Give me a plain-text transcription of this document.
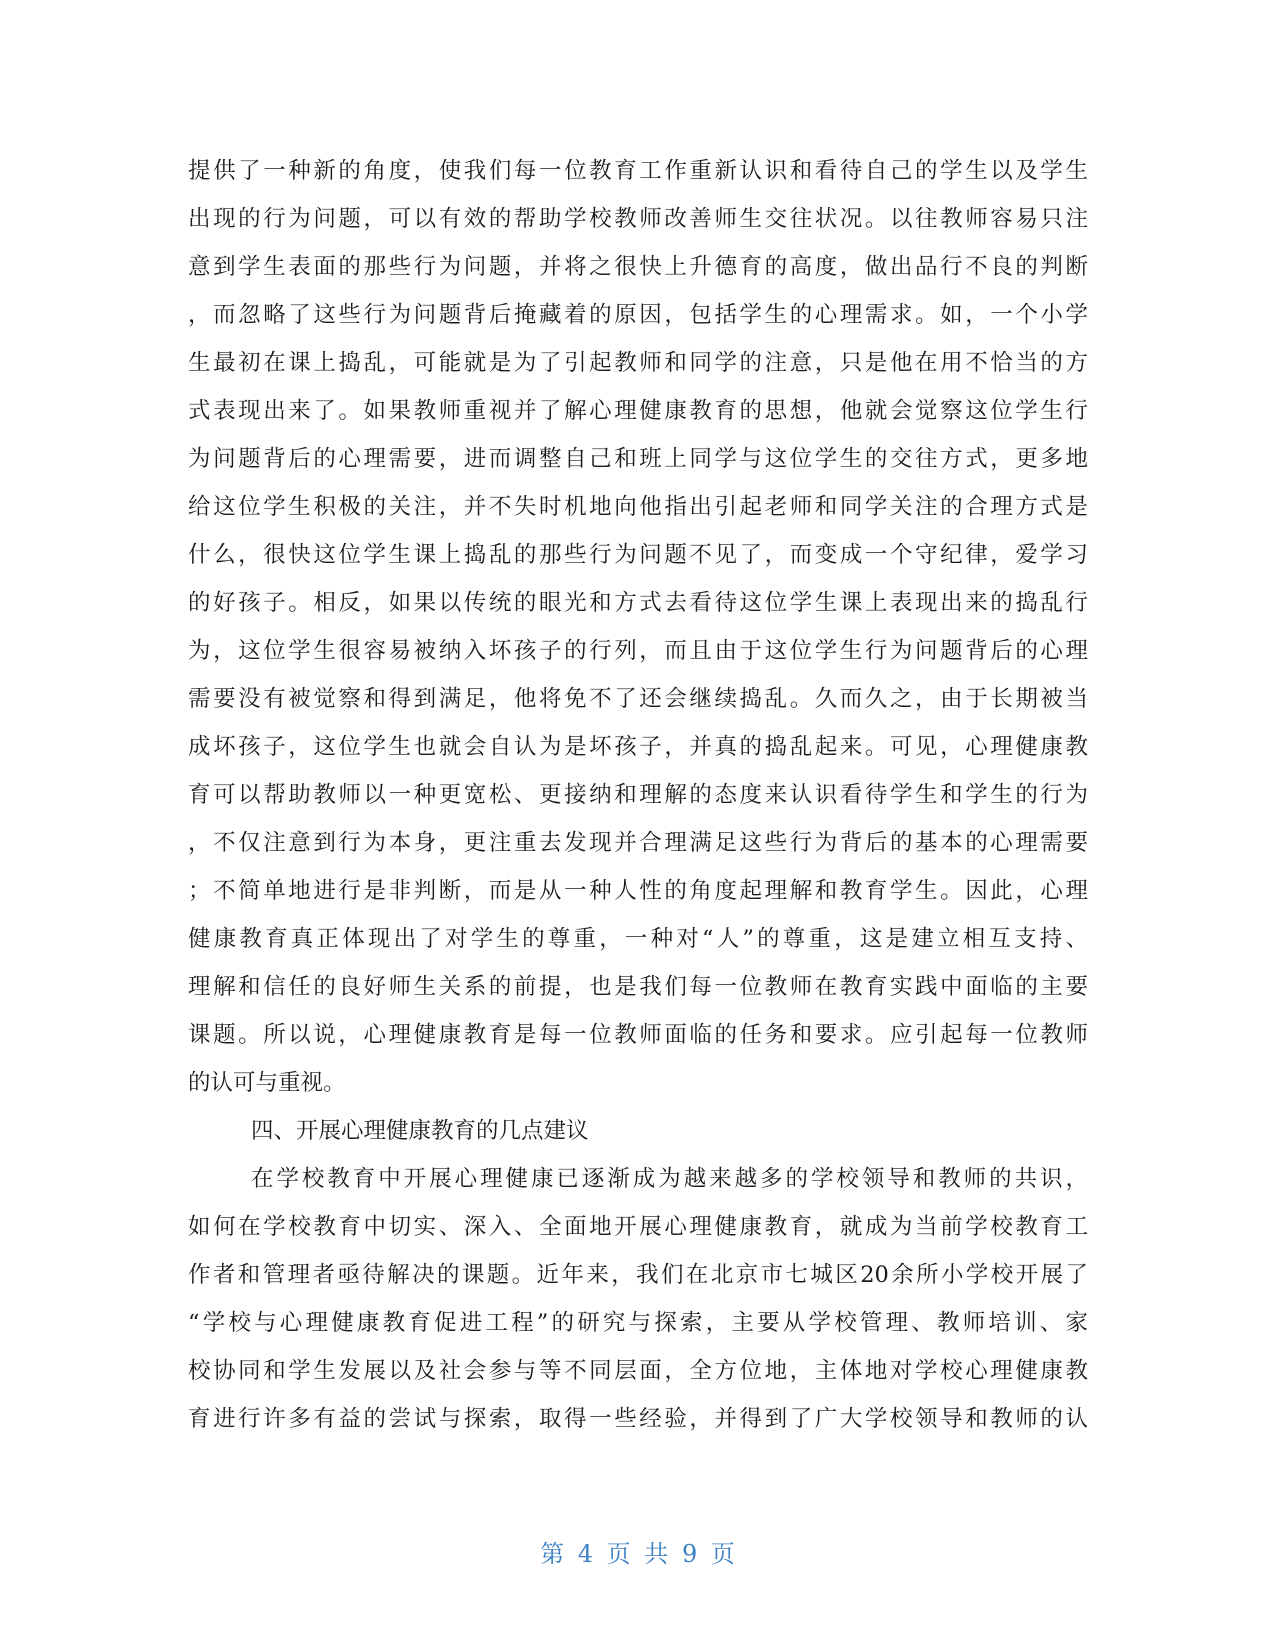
提供了一种新的角度，使我们每一位教育工作重新认识和看待自己的学生以及学生
出现的行为问题，可以有效的帮助学校教师改善师生交往状况。以往教师容易只注
意到学生表面的那些行为问题，并将之很快上升德育的高度，做出品行不良的判断
，而忽略了这些行为问题背后掩藏着的原因，包括学生的心理需求。如，一个小学
生最初在课上捣乱，可能就是为了引起教师和同学的注意，只是他在用不恰当的方
式表现出来了。如果教师重视并了解心理健康教育的思想，他就会觉察这位学生行
为问题背后的心理需要，进而调整自己和班上同学与这位学生的交往方式，更多地
给这位学生积极的关注，并不失时机地向他指出引起老师和同学关注的合理方式是
什么，很快这位学生课上捣乱的那些行为问题不见了，而变成一个守纪律，爱学习
的好孩子。相反，如果以传统的眼光和方式去看待这位学生课上表现出来的捣乱行
为，这位学生很容易被纳入坏孩子的行列，而且由于这位学生行为问题背后的心理
需要没有被觉察和得到满足，他将免不了还会继续捣乱。久而久之，由于长期被当
成坏孩子，这位学生也就会自认为是坏孩子，并真的捣乱起来。可见，心理健康教
育可以帮助教师以一种更宽松、更接纳和理解的态度来认识看待学生和学生的行为
，不仅注意到行为本身，更注重去发现并合理满足这些行为背后的基本的心理需要
；不简单地进行是非判断，而是从一种人性的角度起理解和教育学生。因此，心理
健康教育真正体现出了对学生的尊重，一种对“人”的尊重，这是建立相互支持、
理解和信任的良好师生关系的前提，也是我们每一位教师在教育实践中面临的主要
课题。所以说，心理健康教育是每一位教师面临的任务和要求。应引起每一位教师
的认可与重视。
四、开展心理健康教育的几点建议
在学校教育中开展心理健康已逐渐成为越来越多的学校领导和教师的共识，
如何在学校教育中切实、深入、全面地开展心理健康教育，就成为当前学校教育工
作者和管理者亟待解决的课题。近年来，我们在北京市七城区20余所小学校开展了
“学校与心理健康教育促进工程”的研究与探索，主要从学校管理、教师培训、家
校协同和学生发展以及社会参与等不同层面，全方位地，主体地对学校心理健康教
育进行许多有益的尝试与探索，取得一些经验，并得到了广大学校领导和教师的认
第 4 页 共 9 页
